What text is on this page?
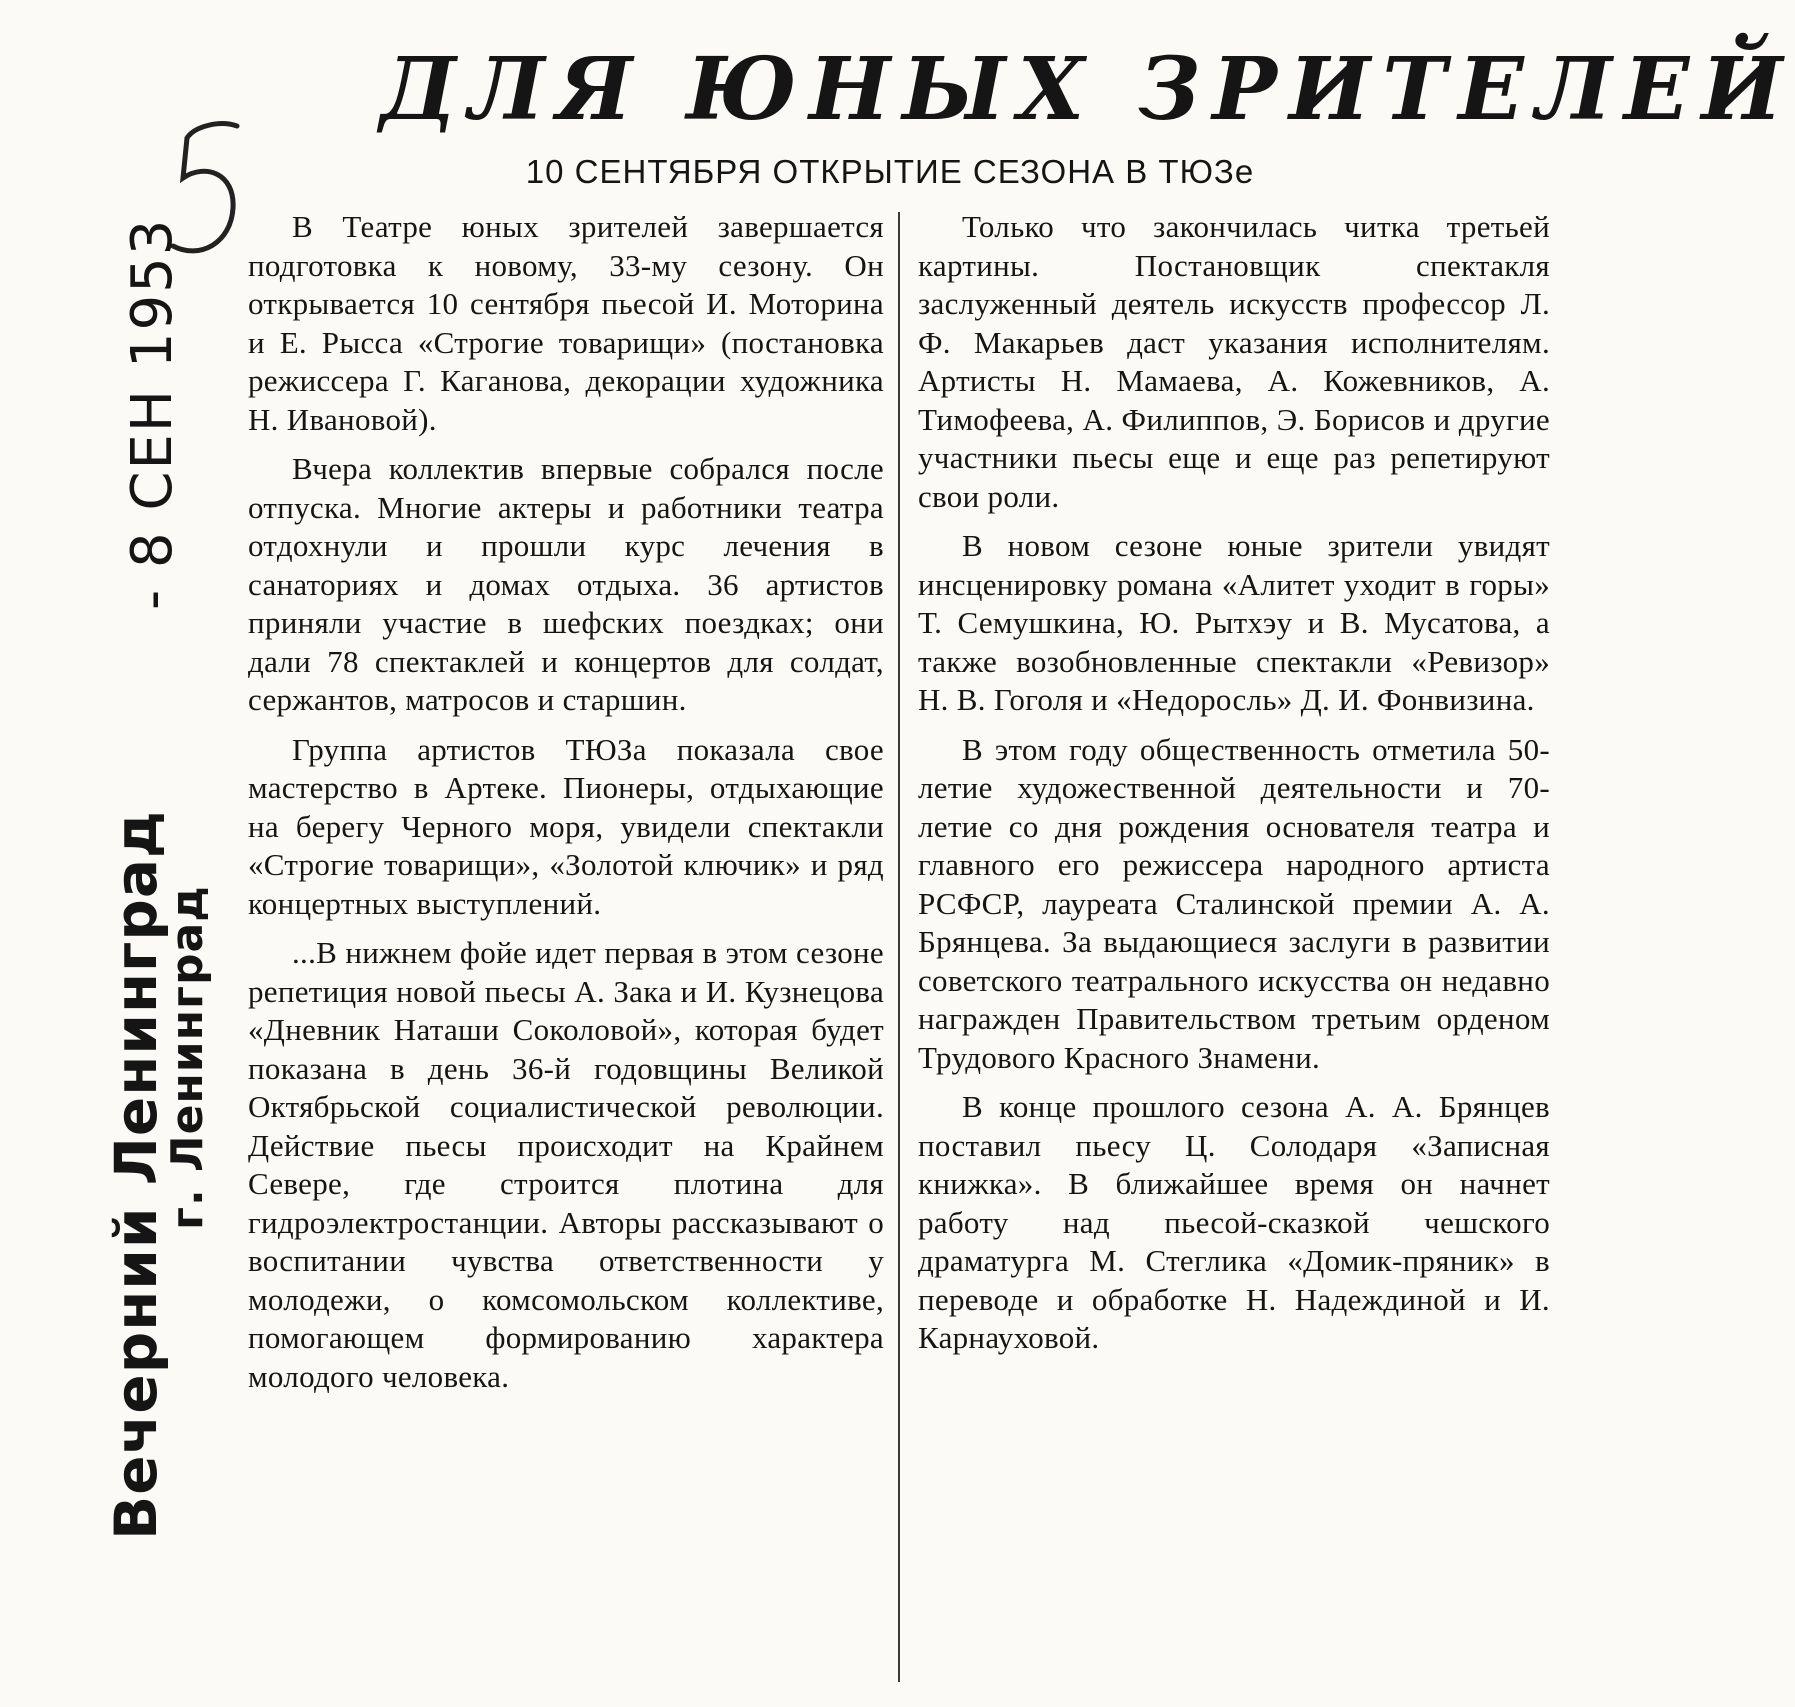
ДЛЯ ЮНЫХ ЗРИТЕЛЕЙ
10 СЕНТЯБРЯ ОТКРЫТИЕ СЕЗОНА В ТЮЗе
Вечерний Ленинград
- 8 СЕН 1953
г. Ленинград

В Театре юных зрителей завершается подготовка к новому, 33-му сезону. Он открывается 10 сентября пьесой И. Моторина и Е. Рысса «Строгие товарищи» (постановка режиссера Г. Каганова, декорации художника Н. Ивановой).

Вчера коллектив впервые собрался после отпуска. Многие актеры и работники театра отдохнули и прошли курс лечения в санаториях и домах отдыха. 36 артистов приняли участие в шефских поездках; они дали 78 спектаклей и концертов для солдат, сержантов, матросов и старшин.

Группа артистов ТЮЗа показала свое мастерство в Артеке. Пионеры, отдыхающие на берегу Черного моря, увидели спектакли «Строгие товарищи», «Золотой ключик» и ряд концертных выступлений.

...В нижнем фойе идет первая в этом сезоне репетиция новой пьесы А. Зака и И. Кузнецова «Дневник Наташи Соколовой», которая будет показана в день 36-й годовщины Великой Октябрьской социалистической революции. Действие пьесы происходит на Крайнем Севере, где строится плотина для гидроэлектростанции. Авторы рассказывают о воспитании чувства ответственности у молодежи, о комсомольском коллективе, помогающем формированию характера молодого человека.

Только что закончилась читка третьей картины. Постановщик спектакля заслуженный деятель искусств профессор Л. Ф. Макарьев даст указания исполнителям. Артисты Н. Мамаева, А. Кожевников, А. Тимофеева, А. Филиппов, Э. Борисов и другие участники пьесы еще и еще раз репетируют свои роли.

В новом сезоне юные зрители увидят инсценировку романа «Алитет уходит в горы» Т. Семушкина, Ю. Рытхэу и В. Мусатова, а также возобновленные спектакли «Ревизор» Н. В. Гоголя и «Недоросль» Д. И. Фонвизина.

В этом году общественность отметила 50-летие художественной деятельности и 70-летие со дня рождения основателя театра и главного его режиссера народного артиста РСФСР, лауреата Сталинской премии А. А. Брянцева. За выдающиеся заслуги в развитии советского театрального искусства он недавно награжден Правительством третьим орденом Трудового Красного Знамени.

В конце прошлого сезона А. А. Брянцев поставил пьесу Ц. Солодаря «Записная книжка». В ближайшее время он начнет работу над пьесой-сказкой чешского драматурга М. Стеглика «Домик-пряник» в переводе и обработке Н. Надеждиной и И. Карнауховой.
